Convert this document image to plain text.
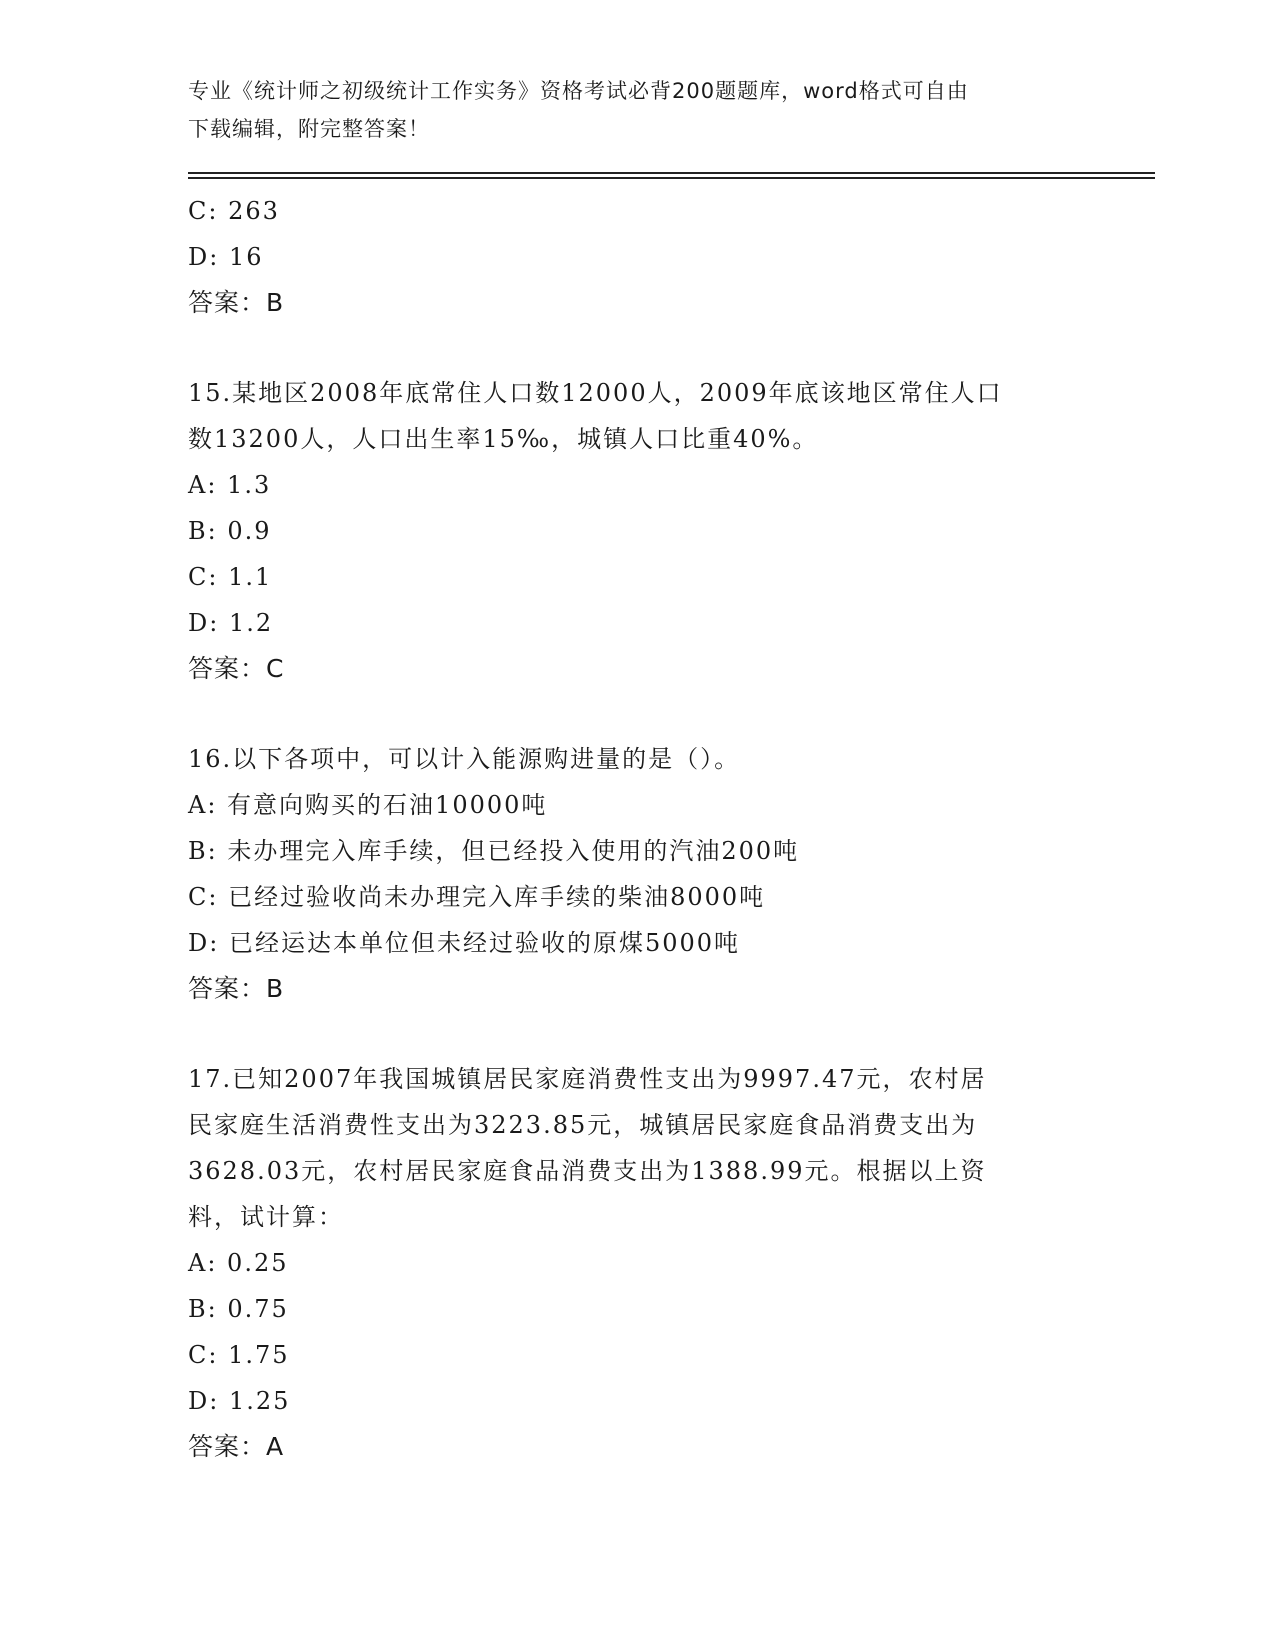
专业《统计师之初级统计工作实务》资格考试必背200题题库，word格式可自由
下载编辑，附完整答案！
C: 263
D: 16
答案：B
15.某地区2008年底常住人口数12000人，2009年底该地区常住人口
数13200人，人口出生率15‰，城镇人口比重40%。
A: 1.3
B: 0.9
C: 1.1
D: 1.2
答案：C
16.以下各项中，可以计入能源购进量的是（）。
A: 有意向购买的石油10000吨
B: 未办理完入库手续，但已经投入使用的汽油200吨
C: 已经过验收尚未办理完入库手续的柴油8000吨
D: 已经运达本单位但未经过验收的原煤5000吨
答案：B
17.已知2007年我国城镇居民家庭消费性支出为9997.47元，农村居
民家庭生活消费性支出为3223.85元，城镇居民家庭食品消费支出为
3628.03元，农村居民家庭食品消费支出为1388.99元。根据以上资
料，试计算：
A: 0.25
B: 0.75
C: 1.75
D: 1.25
答案：A
